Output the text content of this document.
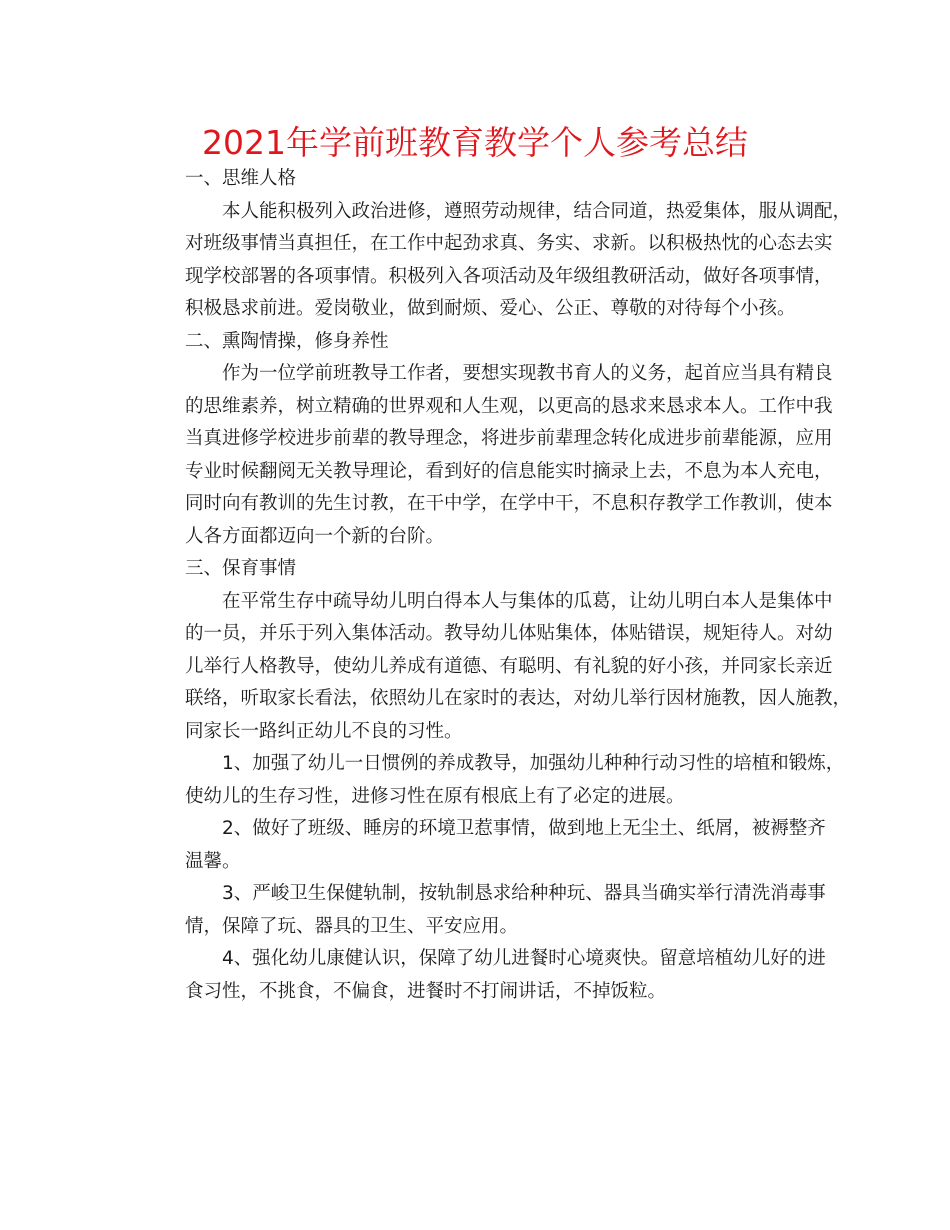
2021年学前班教育教学个人参考总结
一、思维人格
本人能积极列入政治进修，遵照劳动规律，结合同道，热爱集体，服从调配，
对班级事情当真担任，在工作中起劲求真、务实、求新。以积极热忱的心态去实
现学校部署的各项事情。积极列入各项活动及年级组教研活动，做好各项事情，
积极恳求前进。爱岗敬业，做到耐烦、爱心、公正、尊敬的对待每个小孩。
二、熏陶情操，修身养性
作为一位学前班教导工作者，要想实现教书育人的义务，起首应当具有精良
的思维素养，树立精确的世界观和人生观，以更高的恳求来恳求本人。工作中我
当真进修学校进步前辈的教导理念，将进步前辈理念转化成进步前辈能源，应用
专业时候翻阅无关教导理论，看到好的信息能实时摘录上去，不息为本人充电，
同时向有教训的先生讨教，在干中学，在学中干，不息积存教学工作教训，使本
人各方面都迈向一个新的台阶。
三、保育事情
在平常生存中疏导幼儿明白得本人与集体的瓜葛，让幼儿明白本人是集体中
的一员，并乐于列入集体活动。教导幼儿体贴集体，体贴错误，规矩待人。对幼
儿举行人格教导，使幼儿养成有道德、有聪明、有礼貌的好小孩，并同家长亲近
联络，听取家长看法，依照幼儿在家时的表达，对幼儿举行因材施教，因人施教，
同家长一路纠正幼儿不良的习性。
1、加强了幼儿一日惯例的养成教导，加强幼儿种种行动习性的培植和锻炼，
使幼儿的生存习性，进修习性在原有根底上有了必定的进展。
2、做好了班级、睡房的环境卫惹事情，做到地上无尘土、纸屑，被褥整齐
温馨。
3、严峻卫生保健轨制，按轨制恳求给种种玩、器具当确实举行清洗消毒事
情，保障了玩、器具的卫生、平安应用。
4、强化幼儿康健认识，保障了幼儿进餐时心境爽快。留意培植幼儿好的进
食习性，不挑食，不偏食，进餐时不打闹讲话，不掉饭粒。
